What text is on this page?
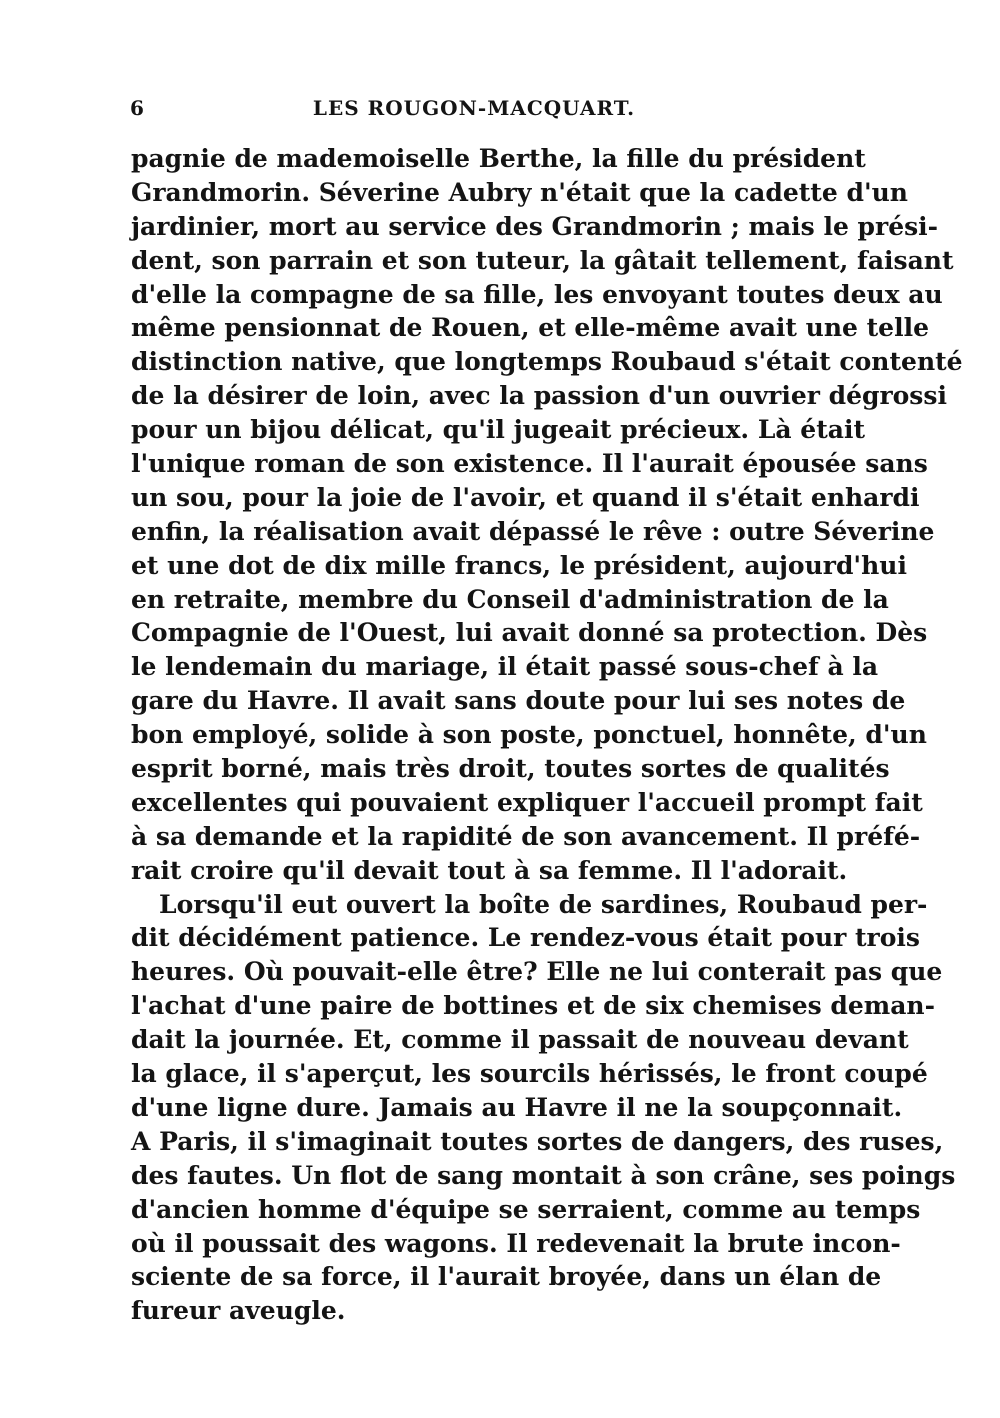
6	LES ROUGON-MACQUART.
pagnie de mademoiselle Berthe, la fille du président
Grandmorin. Séverine Aubry n'était que la cadette d'un
jardinier, mort au service des Grandmorin ; mais le prési-
dent, son parrain et son tuteur, la gâtait tellement, faisant
d'elle la compagne de sa fille, les envoyant toutes deux au
même pensionnat de Rouen, et elle-même avait une telle
distinction native, que longtemps Roubaud s'était contenté
de la désirer de loin, avec la passion d'un ouvrier dégrossi
pour un bijou délicat, qu'il jugeait précieux. Là était
l'unique roman de son existence. Il l'aurait épousée sans
un sou, pour la joie de l'avoir, et quand il s'était enhardi
enfin, la réalisation avait dépassé le rêve : outre Séverine
et une dot de dix mille francs, le président, aujourd'hui
en retraite, membre du Conseil d'administration de la
Compagnie de l'Ouest, lui avait donné sa protection. Dès
le lendemain du mariage, il était passé sous-chef à la
gare du Havre. Il avait sans doute pour lui ses notes de
bon employé, solide à son poste, ponctuel, honnête, d'un
esprit borné, mais très droit, toutes sortes de qualités
excellentes qui pouvaient expliquer l'accueil prompt fait
à sa demande et la rapidité de son avancement. Il préfé-
rait croire qu'il devait tout à sa femme. Il l'adorait.
Lorsqu'il eut ouvert la boîte de sardines, Roubaud per-
dit décidément patience. Le rendez-vous était pour trois
heures. Où pouvait-elle être? Elle ne lui conterait pas que
l'achat d'une paire de bottines et de six chemises deman-
dait la journée. Et, comme il passait de nouveau devant
la glace, il s'aperçut, les sourcils hérissés, le front coupé
d'une ligne dure. Jamais au Havre il ne la soupçonnait.
A Paris, il s'imaginait toutes sortes de dangers, des ruses,
des fautes. Un flot de sang montait à son crâne, ses poings
d'ancien homme d'équipe se serraient, comme au temps
où il poussait des wagons. Il redevenait la brute incon-
sciente de sa force, il l'aurait broyée, dans un élan de
fureur aveugle.
